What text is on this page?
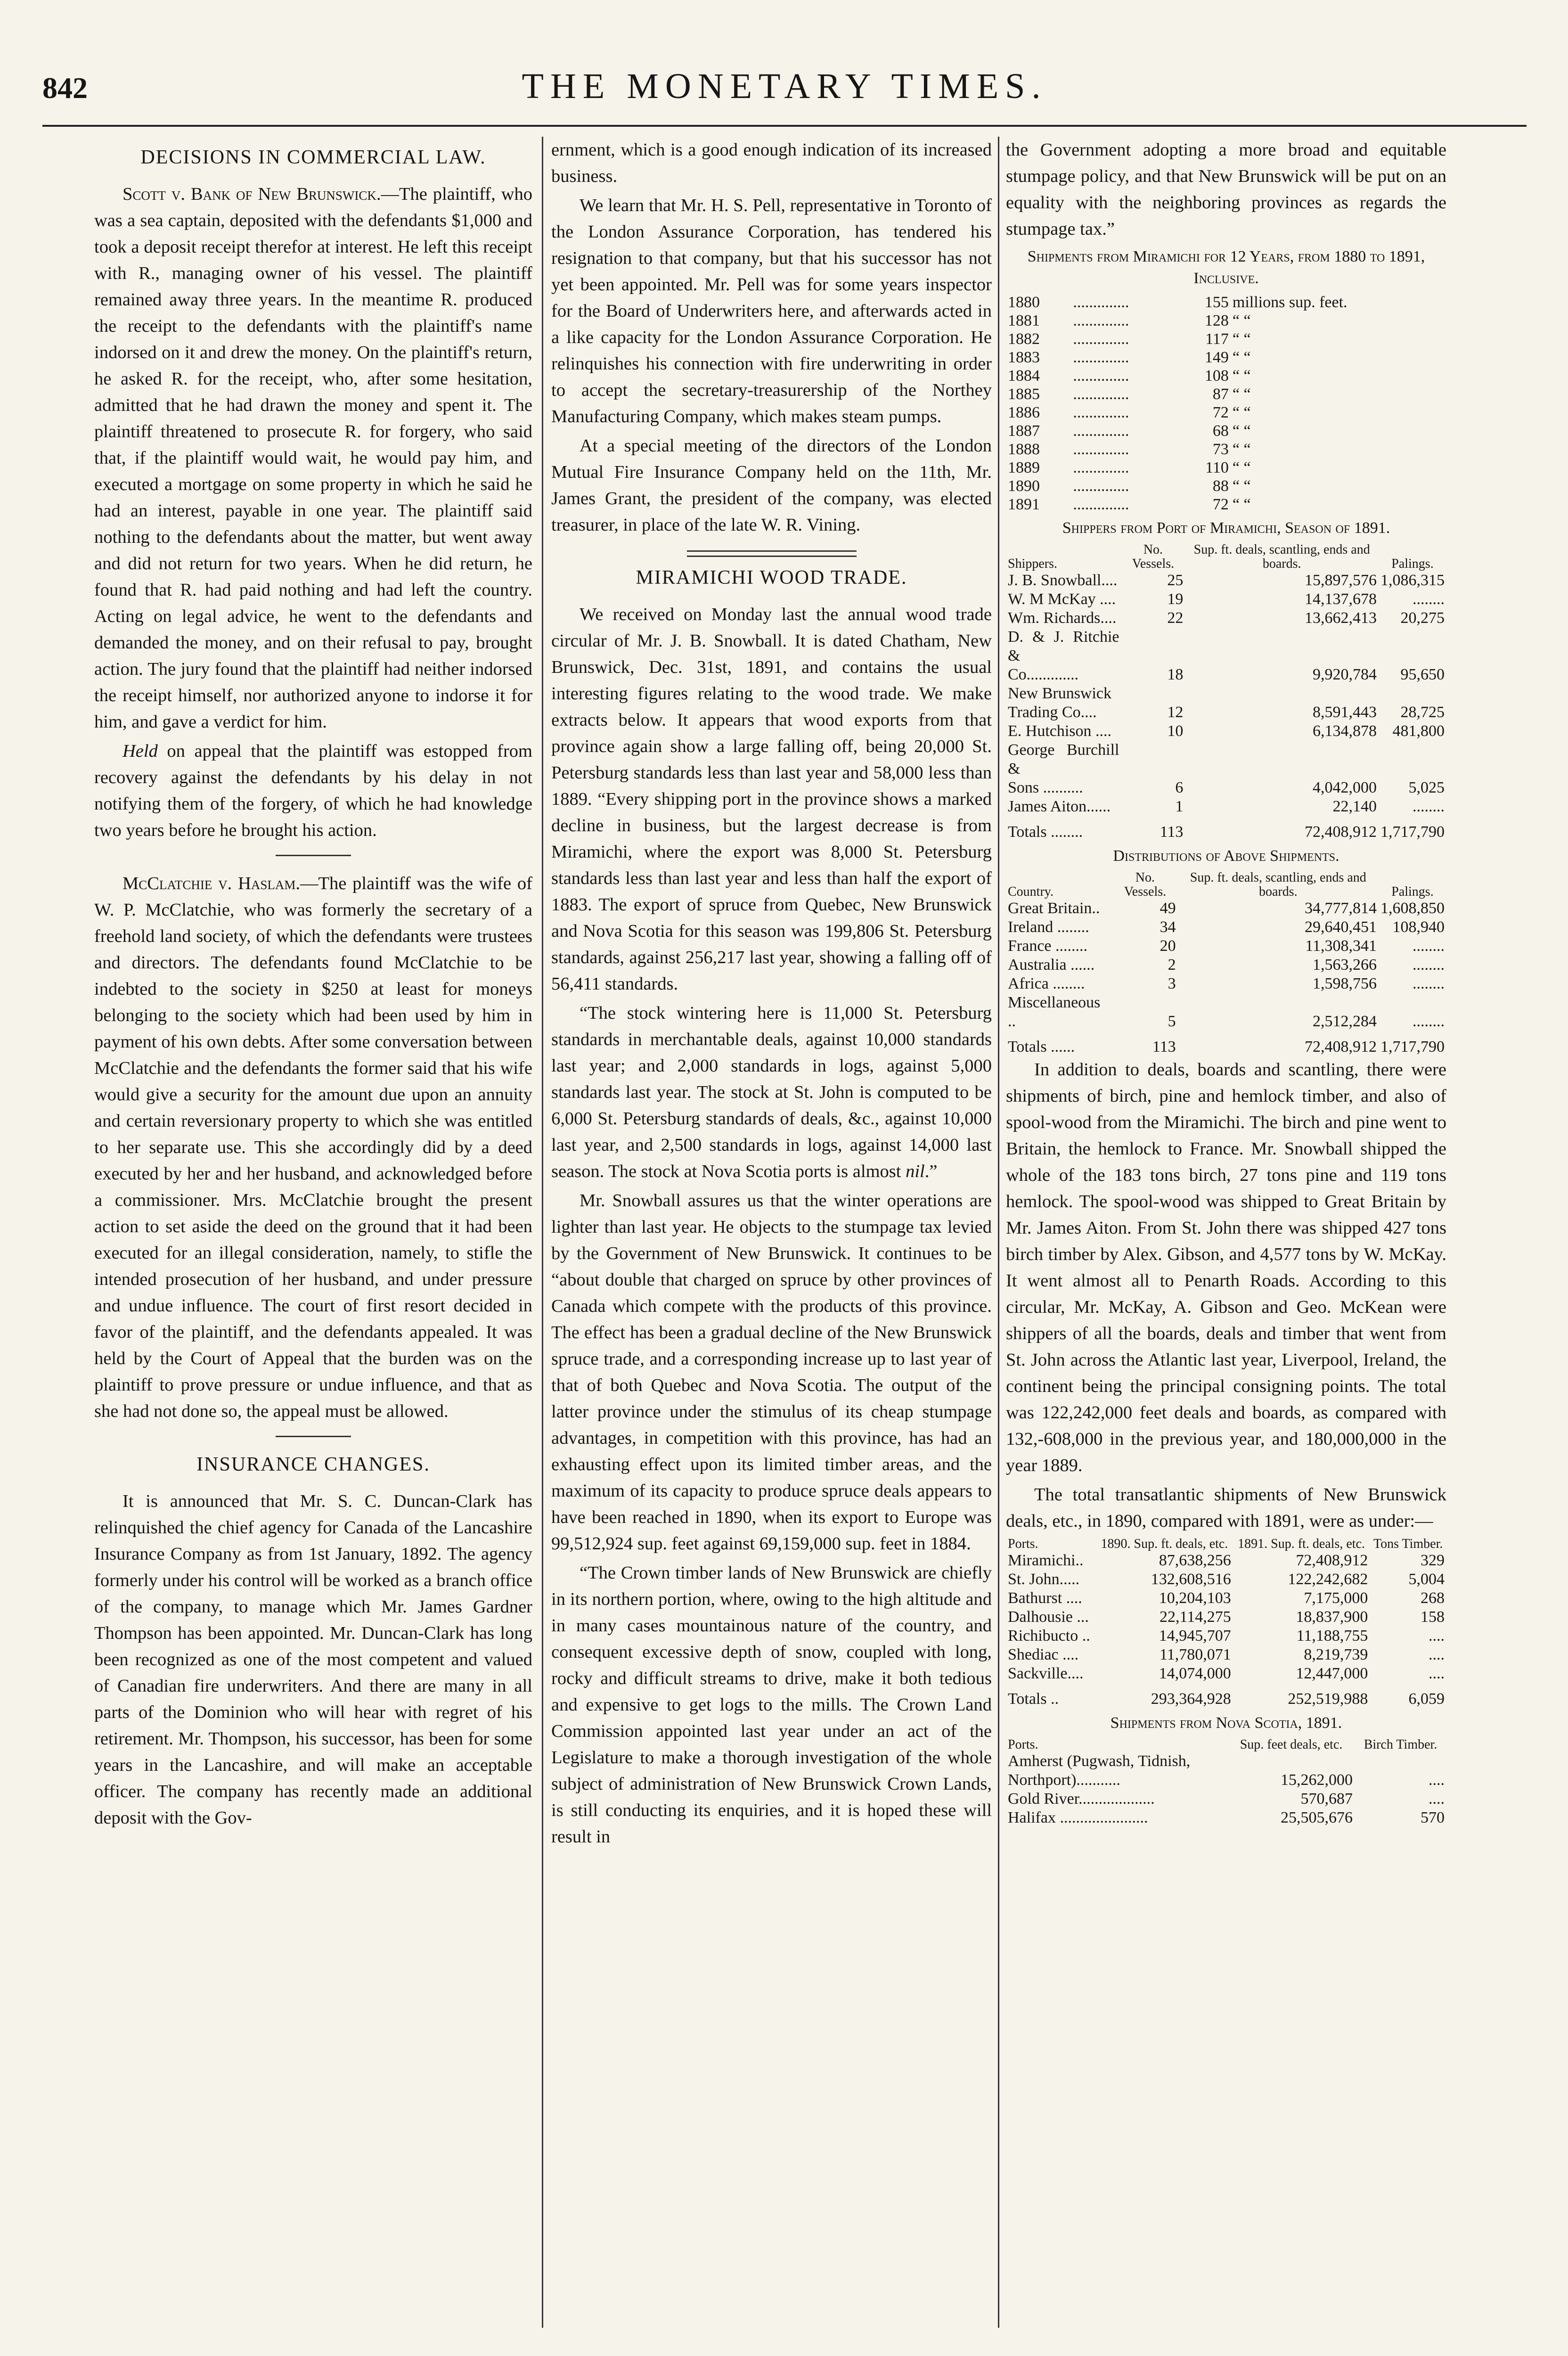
842	THE MONETARY TIMES.
DECISIONS IN COMMERCIAL LAW.

Scott v. Bank of New Brunswick.—The plaintiff, who was a sea captain, deposited with the defendants $1,000 and took a deposit receipt therefor at interest. He left this receipt with R., managing owner of his vessel. The plaintiff remained away three years. In the meantime R. produced the receipt to the defendants with the plaintiff's name indorsed on it and drew the money. On the plaintiff's return, he asked R. for the receipt, who, after some hesitation, admitted that he had drawn the money and spent it. The plaintiff threatened to prosecute R. for forgery, who said that, if the plaintiff would wait, he would pay him, and executed a mortgage on some property in which he said he had an interest, payable in one year. The plaintiff said nothing to the defendants about the matter, but went away and did not return for two years. When he did return, he found that R. had paid nothing and had left the country. Acting on legal advice, he went to the defendants and demanded the money, and on their refusal to pay, brought action. The jury found that the plaintiff had neither indorsed the receipt himself, nor authorized anyone to indorse it for him, and gave a verdict for him.

Held on appeal that the plaintiff was estopped from recovery against the defendants by his delay in not notifying them of the forgery, of which he had knowledge two years before he brought his action.

McClatchie v. Haslam.—The plaintiff was the wife of W. P. McClatchie, who was formerly the secretary of a freehold land society, of which the defendants were trustees and directors. The defendants found McClatchie to be indebted to the society in $250 at least for moneys belonging to the society which had been used by him in payment of his own debts. After some conversation between McClatchie and the defendants the former said that his wife would give a security for the amount due upon an annuity and certain reversionary property to which she was entitled to her separate use. This she accordingly did by a deed executed by her and her husband, and acknowledged before a commissioner. Mrs. McClatchie brought the present action to set aside the deed on the ground that it had been executed for an illegal consideration, namely, to stifle the intended prosecution of her husband, and under pressure and undue influence. The court of first resort decided in favor of the plaintiff, and the defendants appealed. It was held by the Court of Appeal that the burden was on the plaintiff to prove pressure or undue influence, and that as she had not done so, the appeal must be allowed.

INSURANCE CHANGES.

It is announced that Mr. S. C. Duncan-Clark has relinquished the chief agency for Canada of the Lancashire Insurance Company as from 1st January, 1892. The agency formerly under his control will be worked as a branch office of the company, to manage which Mr. James Gardner Thompson has been appointed. Mr. Duncan-Clark has long been recognized as one of the most competent and valued of Canadian fire underwriters. And there are many in all parts of the Dominion who will hear with regret of his retirement. Mr. Thompson, his successor, has been for some years in the Lancashire, and will make an acceptable officer. The company has recently made an additional deposit with the Gov-

ernment, which is a good enough indication of its increased business.

We learn that Mr. H. S. Pell, representative in Toronto of the London Assurance Corporation, has tendered his resignation to that company, but that his successor has not yet been appointed. Mr. Pell was for some years inspector for the Board of Underwriters here, and afterwards acted in a like capacity for the London Assurance Corporation. He relinquishes his connection with fire underwriting in order to accept the secretary-treasurership of the Northey Manufacturing Company, which makes steam pumps.

At a special meeting of the directors of the London Mutual Fire Insurance Company held on the 11th, Mr. James Grant, the president of the company, was elected treasurer, in place of the late W. R. Vining.

MIRAMICHI WOOD TRADE.

We received on Monday last the annual wood trade circular of Mr. J. B. Snowball. It is dated Chatham, New Brunswick, Dec. 31st, 1891, and contains the usual interesting figures relating to the wood trade. We make extracts below. It appears that wood exports from that province again show a large falling off, being 20,000 St. Petersburg standards less than last year and 58,000 less than 1889. “Every shipping port in the province shows a marked decline in business, but the largest decrease is from Miramichi, where the export was 8,000 St. Petersburg standards less than last year and less than half the export of 1883. The export of spruce from Quebec, New Brunswick and Nova Scotia for this season was 199,806 St. Petersburg standards, against 256,217 last year, showing a falling off of 56,411 standards.

“The stock wintering here is 11,000 St. Petersburg standards in merchantable deals, against 10,000 standards last year; and 2,000 standards in logs, against 5,000 standards last year. The stock at St. John is computed to be 6,000 St. Petersburg standards of deals, &c., against 10,000 last year, and 2,500 standards in logs, against 14,000 last season. The stock at Nova Scotia ports is almost nil.”

Mr. Snowball assures us that the winter operations are lighter than last year. He objects to the stumpage tax levied by the Government of New Brunswick. It continues to be “about double that charged on spruce by other provinces of Canada which compete with the products of this province. The effect has been a gradual decline of the New Brunswick spruce trade, and a corresponding increase up to last year of that of both Quebec and Nova Scotia. The output of the latter province under the stimulus of its cheap stumpage advantages, in competition with this province, has had an exhausting effect upon its limited timber areas, and the maximum of its capacity to produce spruce deals appears to have been reached in 1890, when its export to Europe was 99,512,924 sup. feet against 69,159,000 sup. feet in 1884.

“The Crown timber lands of New Brunswick are chiefly in its northern portion, where, owing to the high altitude and in many cases mountainous nature of the country, and consequent excessive depth of snow, coupled with long, rocky and difficult streams to drive, make it both tedious and expensive to get logs to the mills. The Crown Land Commission appointed last year under an act of the Legislature to make a thorough investigation of the whole subject of administration of New Brunswick Crown Lands, is still conducting its enquiries, and it is hoped these will result in

the Government adopting a more broad and equitable stumpage policy, and that New Brunswick will be put on an equality with the neighboring provinces as regards the stumpage tax.”

Shipments from Miramichi for 12 Years, from 1880 to 1891, Inclusive.
1880	..............	155	millions sup. feet.
1881	..............	128	“ “
1882	..............	117	“ “
1883	..............	149	“ “
1884	..............	108	“ “
1885	..............	87	“ “
1886	..............	72	“ “
1887	..............	68	“ “
1888	..............	73	“ “
1889	..............	110	“ “
1890	..............	88	“ “
1891	..............	72	“ “
Shippers from Port of Miramichi, Season of 1891.
Shippers.	No. Vessels.	Sup. ft. deals, scantling, ends and boards.	Palings.
J. B. Snowball....	25	15,897,576	1,086,315
W. M McKay ....	19	14,137,678	........
Wm. Richards....	22	13,662,413	20,275
D. & J. Ritchie &			
Co.............	18	9,920,784	95,650
New Brunswick			
Trading Co....	12	8,591,443	28,725
E. Hutchison ....	10	6,134,878	481,800
George Burchill &			
Sons ..........	6	4,042,000	5,025
James Aiton......	1	22,140	........
Totals ........	113	72,408,912	1,717,790
Distributions of Above Shipments.
Country.	No. Vessels.	Sup. ft. deals, scantling, ends and boards.	Palings.
Great Britain..	49	34,777,814	1,608,850
Ireland ........	34	29,640,451	108,940
France ........	20	11,308,341	........
Australia ......	2	1,563,266	........
Africa ........	3	1,598,756	........
Miscellaneous ..	5	2,512,284	........
Totals ......	113	72,408,912	1,717,790

In addition to deals, boards and scantling, there were shipments of birch, pine and hemlock timber, and also of spool-wood from the Miramichi. The birch and pine went to Britain, the hemlock to France. Mr. Snowball shipped the whole of the 183 tons birch, 27 tons pine and 119 tons hemlock. The spool-wood was shipped to Great Britain by Mr. James Aiton. From St. John there was shipped 427 tons birch timber by Alex. Gibson, and 4,577 tons by W. McKay. It went almost all to Penarth Roads. According to this circular, Mr. McKay, A. Gibson and Geo. McKean were shippers of all the boards, deals and timber that went from St. John across the Atlantic last year, Liverpool, Ireland, the continent being the principal consigning points. The total was 122,242,000 feet deals and boards, as compared with 132,-608,000 in the previous year, and 180,000,000 in the year 1889.

The total transatlantic shipments of New Brunswick deals, etc., in 1890, compared with 1891, were as under:—

Ports.	1890. Sup. ft. deals, etc.	1891. Sup. ft. deals, etc.	Tons Timber.
Miramichi..	87,638,256	72,408,912	329
St. John.....	132,608,516	122,242,682	5,004
Bathurst ....	10,204,103	7,175,000	268
Dalhousie ...	22,114,275	18,837,900	158
Richibucto ..	14,945,707	11,188,755	....
Shediac ....	11,780,071	8,219,739	....
Sackville....	14,074,000	12,447,000	....
Totals ..	293,364,928	252,519,988	6,059
Shipments from Nova Scotia, 1891.
Ports.	Sup. feet deals, etc.	Birch Timber.
Amherst (Pugwash, Tidnish,		
Northport)...........	15,262,000	....
Gold River...................	570,687	....
Halifax ......................	25,505,676	570
